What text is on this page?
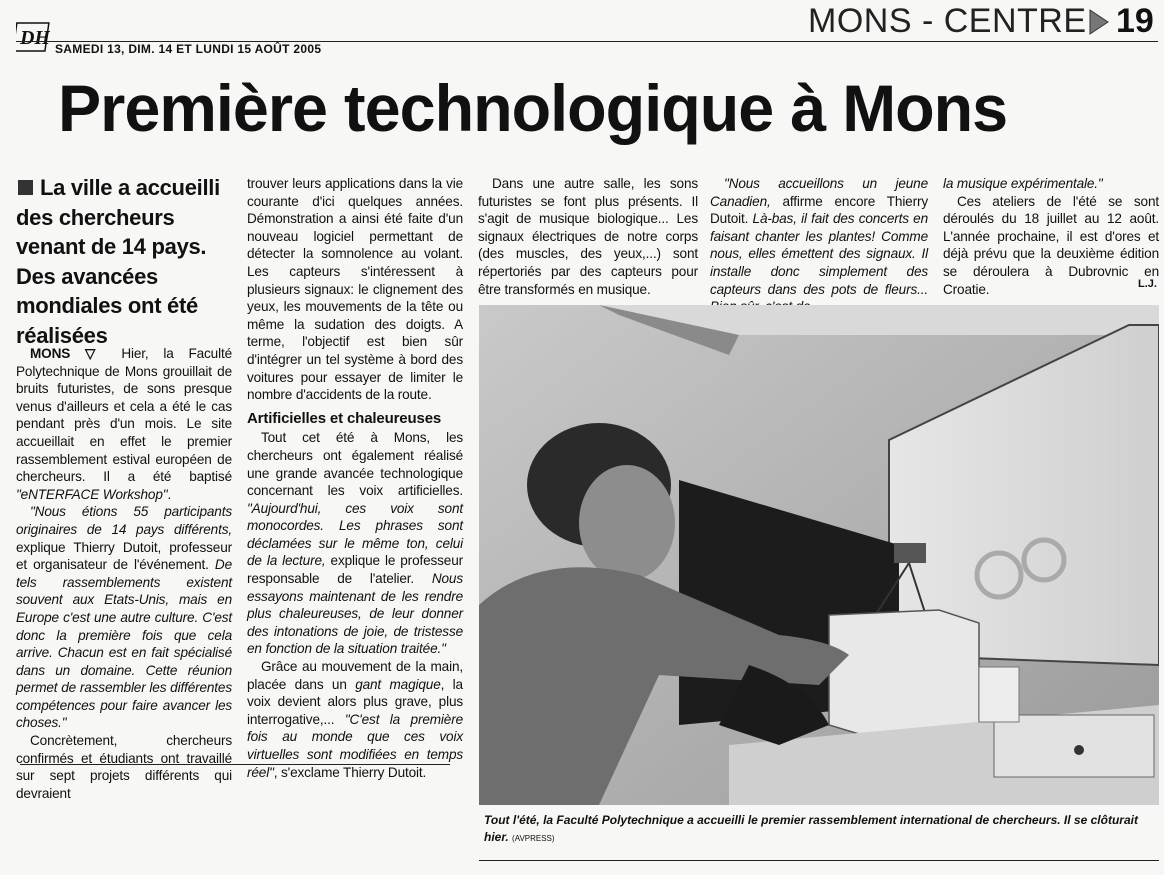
DH SAMEDI 13, DIM. 14 ET LUNDI 15 AOÛT 2005
MONS - CENTRE 19
Première technologique à Mons
La ville a accueilli des chercheurs venant de 14 pays. Des avancées mondiales ont été réalisées

MONS ▽ Hier, la Faculté Polytechnique de Mons grouillait de bruits futuristes, de sons presque venus d'ailleurs et cela a été le cas pendant près d'un mois. Le site accueillait en effet le premier rassemblement estival européen de chercheurs. Il a été baptisé "eNTERFACE Workshop".

"Nous étions 55 participants originaires de 14 pays différents, explique Thierry Dutoit, professeur et organisateur de l'événement. De tels rassemblements existent souvent aux Etats-Unis, mais en Europe c'est une autre culture. C'est donc la première fois que cela arrive. Chacun est en fait spécialisé dans un domaine. Cette réunion permet de rassembler les différentes compétences pour faire avancer les choses."

Concrètement, chercheurs confirmés et étudiants ont travaillé sur sept projets différents qui devraient

trouver leurs applications dans la vie courante d'ici quelques années. Démonstration a ainsi été faite d'un nouveau logiciel permettant de détecter la somnolence au volant. Les capteurs s'intéressent à plusieurs signaux: le clignement des yeux, les mouvements de la tête ou même la sudation des doigts. A terme, l'objectif est bien sûr d'intégrer un tel système à bord des voitures pour essayer de limiter le nombre d'accidents de la route.

Artificielles et chaleureuses

Tout cet été à Mons, les chercheurs ont également réalisé une grande avancée technologique concernant les voix artificielles. "Aujourd'hui, ces voix sont monocordes. Les phrases sont déclamées sur le même ton, celui de la lecture, explique le professeur responsable de l'atelier. Nous essayons maintenant de les rendre plus chaleureuses, de leur donner des intonations de joie, de tristesse en fonction de la situation traitée."

Grâce au mouvement de la main, placée dans un gant magique, la voix devient alors plus grave, plus interrogative,... "C'est la première fois au monde que ces voix virtuelles sont modifiées en temps réel", s'exclame Thierry Dutoit.

Dans une autre salle, les sons futuristes se font plus présents. Il s'agit de musique biologique... Les signaux électriques de notre corps (des muscles, des yeux,...) sont répertoriés par des capteurs pour être transformés en musique.

"Nous accueillons un jeune Canadien, affirme encore Thierry Dutoit. Là-bas, il fait des concerts en faisant chanter les plantes! Comme nous, elles émettent des signaux. Il installe donc simplement des capteurs dans des pots de fleurs...

la musique expérimentale."

Ces ateliers de l'été se sont déroulés du 18 juillet au 12 août. L'année prochaine, il est d'ores et déjà prévu que la deuxième édition se déroulera à Dubrovnic en Croatie.	L.J.
Tout l'été, la Faculté Polytechnique a accueilli le premier rassemblement international de chercheurs. Il se clôturait hier. (AVPRESS)
